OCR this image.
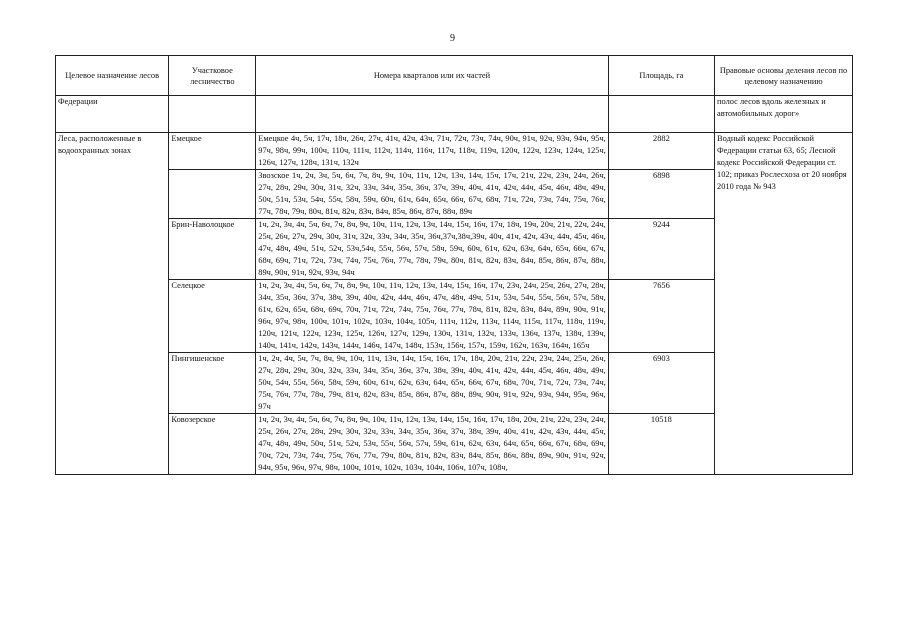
9
Целевое назначение лесов	Участковое лесничество	Номера кварталов или их частей	Площадь, га	Правовые основы деления лесов по целевому назначению
Федерации				полос лесов вдоль железных и автомобильных дорог»
Леса, расположенные в водоохранных зонах	Емецкое	Емецкое 4ч, 5ч, 17ч, 18ч, 26ч, 27ч, 41ч, 42ч, 43ч, 71ч, 72ч, 73ч, 74ч, 90ч, 91ч, 92ч, 93ч, 94ч, 95ч, 97ч, 98ч, 99ч, 100ч, 110ч, 111ч, 112ч, 114ч, 116ч, 117ч, 118ч, 119ч, 120ч, 122ч, 123ч, 124ч, 125ч, 126ч, 127ч, 128ч, 131ч, 132ч	2882	Водный кодекс Российской Федерации статьи 63, 65; Лесной кодекс Российской Федерации ст. 102; приказ Рослесхоза от 20 ноября 2010 года № 943
		Звозское 1ч, 2ч, 3ч, 5ч, 6ч, 7ч, 8ч, 9ч, 10ч, 11ч, 12ч, 13ч, 14ч, 15ч, 17ч, 21ч, 22ч, 23ч, 24ч, 26ч, 27ч, 28ч, 29ч, 30ч, 31ч, 32ч, 33ч, 34ч, 35ч, 36ч, 37ч, 39ч, 40ч, 41ч, 42ч, 44ч, 45ч, 46ч, 48ч, 49ч, 50ч, 51ч, 53ч, 54ч, 55ч, 58ч, 59ч, 60ч, 61ч, 64ч, 65ч, 66ч, 67ч, 68ч, 71ч, 72ч, 73ч, 74ч, 75ч, 76ч, 77ч, 78ч, 79ч, 80ч, 81ч, 82ч, 83ч, 84ч, 85ч, 86ч, 87ч, 88ч, 89ч	6898	
	Брин-Наволоцкое	1ч, 2ч, 3ч, 4ч, 5ч, 6ч, 7ч, 8ч, 9ч, 10ч, 11ч, 12ч, 13ч, 14ч, 15ч, 16ч, 17ч, 18ч, 19ч, 20ч, 21ч, 22ч, 24ч, 25ч, 26ч, 27ч, 29ч, 30ч, 31ч, 32ч, 33ч, 34ч, 35ч, 36ч,37ч,38ч,39ч, 40ч, 41ч, 42ч, 43ч, 44ч, 45ч, 46ч, 47ч, 48ч, 49ч, 51ч, 52ч, 53ч,54ч, 55ч, 56ч, 57ч, 58ч, 59ч, 60ч, 61ч, 62ч, 63ч, 64ч, 65ч, 66ч, 67ч, 68ч, 69ч, 71ч, 72ч, 73ч, 74ч, 75ч, 76ч, 77ч, 78ч, 79ч, 80ч, 81ч, 82ч, 83ч, 84ч, 85ч, 86ч, 87ч, 88ч, 89ч, 90ч, 91ч, 92ч, 93ч, 94ч	9244	
	Селецкое	1ч, 2ч, 3ч, 4ч, 5ч, 6ч, 7ч, 8ч, 9ч, 10ч, 11ч, 12ч, 13ч, 14ч, 15ч, 16ч, 17ч, 23ч, 24ч, 25ч, 26ч, 27ч, 28ч, 34ч, 35ч, 36ч, 37ч, 38ч, 39ч, 40ч, 42ч, 44ч, 46ч, 47ч, 48ч, 49ч, 51ч, 53ч, 54ч, 55ч, 56ч, 57ч, 58ч, 61ч, 62ч, 65ч, 68ч, 69ч, 70ч, 71ч, 72ч, 74ч, 75ч, 76ч, 77ч, 78ч, 81ч, 82ч, 83ч, 84ч, 89ч, 90ч, 91ч, 96ч, 97ч, 98ч, 100ч, 101ч, 102ч, 103ч, 104ч, 105ч, 111ч, 112ч, 113ч, 114ч, 115ч, 117ч, 118ч, 119ч, 120ч, 121ч, 122ч, 123ч, 125ч, 126ч, 127ч, 129ч, 130ч, 131ч, 132ч, 133ч, 136ч, 137ч, 138ч, 139ч, 140ч, 141ч, 142ч, 143ч, 144ч, 146ч, 147ч, 148ч, 153ч, 156ч, 157ч, 159ч, 162ч, 163ч, 164ч, 165ч	7656	
	Пингишенское	1ч, 2ч, 4ч, 5ч, 7ч, 8ч, 9ч, 10ч, 11ч, 13ч, 14ч, 15ч, 16ч, 17ч, 18ч, 20ч, 21ч, 22ч, 23ч, 24ч, 25ч, 26ч, 27ч, 28ч, 29ч, 30ч, 32ч, 33ч, 34ч, 35ч, 36ч, 37ч, 38ч, 39ч, 40ч, 41ч, 42ч, 44ч, 45ч, 46ч, 48ч, 49ч, 50ч, 54ч, 55ч, 56ч, 58ч, 59ч, 60ч, 61ч, 62ч, 63ч, 64ч, 65ч, 66ч, 67ч, 68ч, 70ч, 71ч, 72ч, 73ч, 74ч, 75ч, 76ч, 77ч, 78ч, 79ч, 81ч, 82ч, 83ч, 85ч, 86ч, 87ч, 88ч, 89ч, 90ч, 91ч, 92ч, 93ч, 94ч, 95ч, 96ч, 97ч	6903	
	Ковозерское	1ч, 2ч, 3ч, 4ч, 5ч, 6ч, 7ч, 8ч, 9ч, 10ч, 11ч, 12ч, 13ч, 14ч, 15ч, 16ч, 17ч, 18ч, 20ч, 21ч, 22ч, 23ч, 24ч, 25ч, 26ч, 27ч, 28ч, 29ч, 30ч, 32ч, 33ч, 34ч, 35ч, 36ч, 37ч, 38ч, 39ч, 40ч, 41ч, 42ч, 43ч, 44ч, 45ч, 47ч, 48ч, 49ч, 50ч, 51ч, 52ч, 53ч, 55ч, 56ч, 57ч, 59ч, 61ч, 62ч, 63ч, 64ч, 65ч, 66ч, 67ч, 68ч, 69ч, 70ч, 72ч, 73ч, 74ч, 75ч, 76ч, 77ч, 79ч, 80ч, 81ч, 82ч, 83ч, 84ч, 85ч, 86ч, 88ч, 89ч, 90ч, 91ч, 92ч, 94ч, 95ч, 96ч, 97ч, 98ч, 100ч, 101ч, 102ч, 103ч, 104ч, 106ч, 107ч, 108ч,	10518	
